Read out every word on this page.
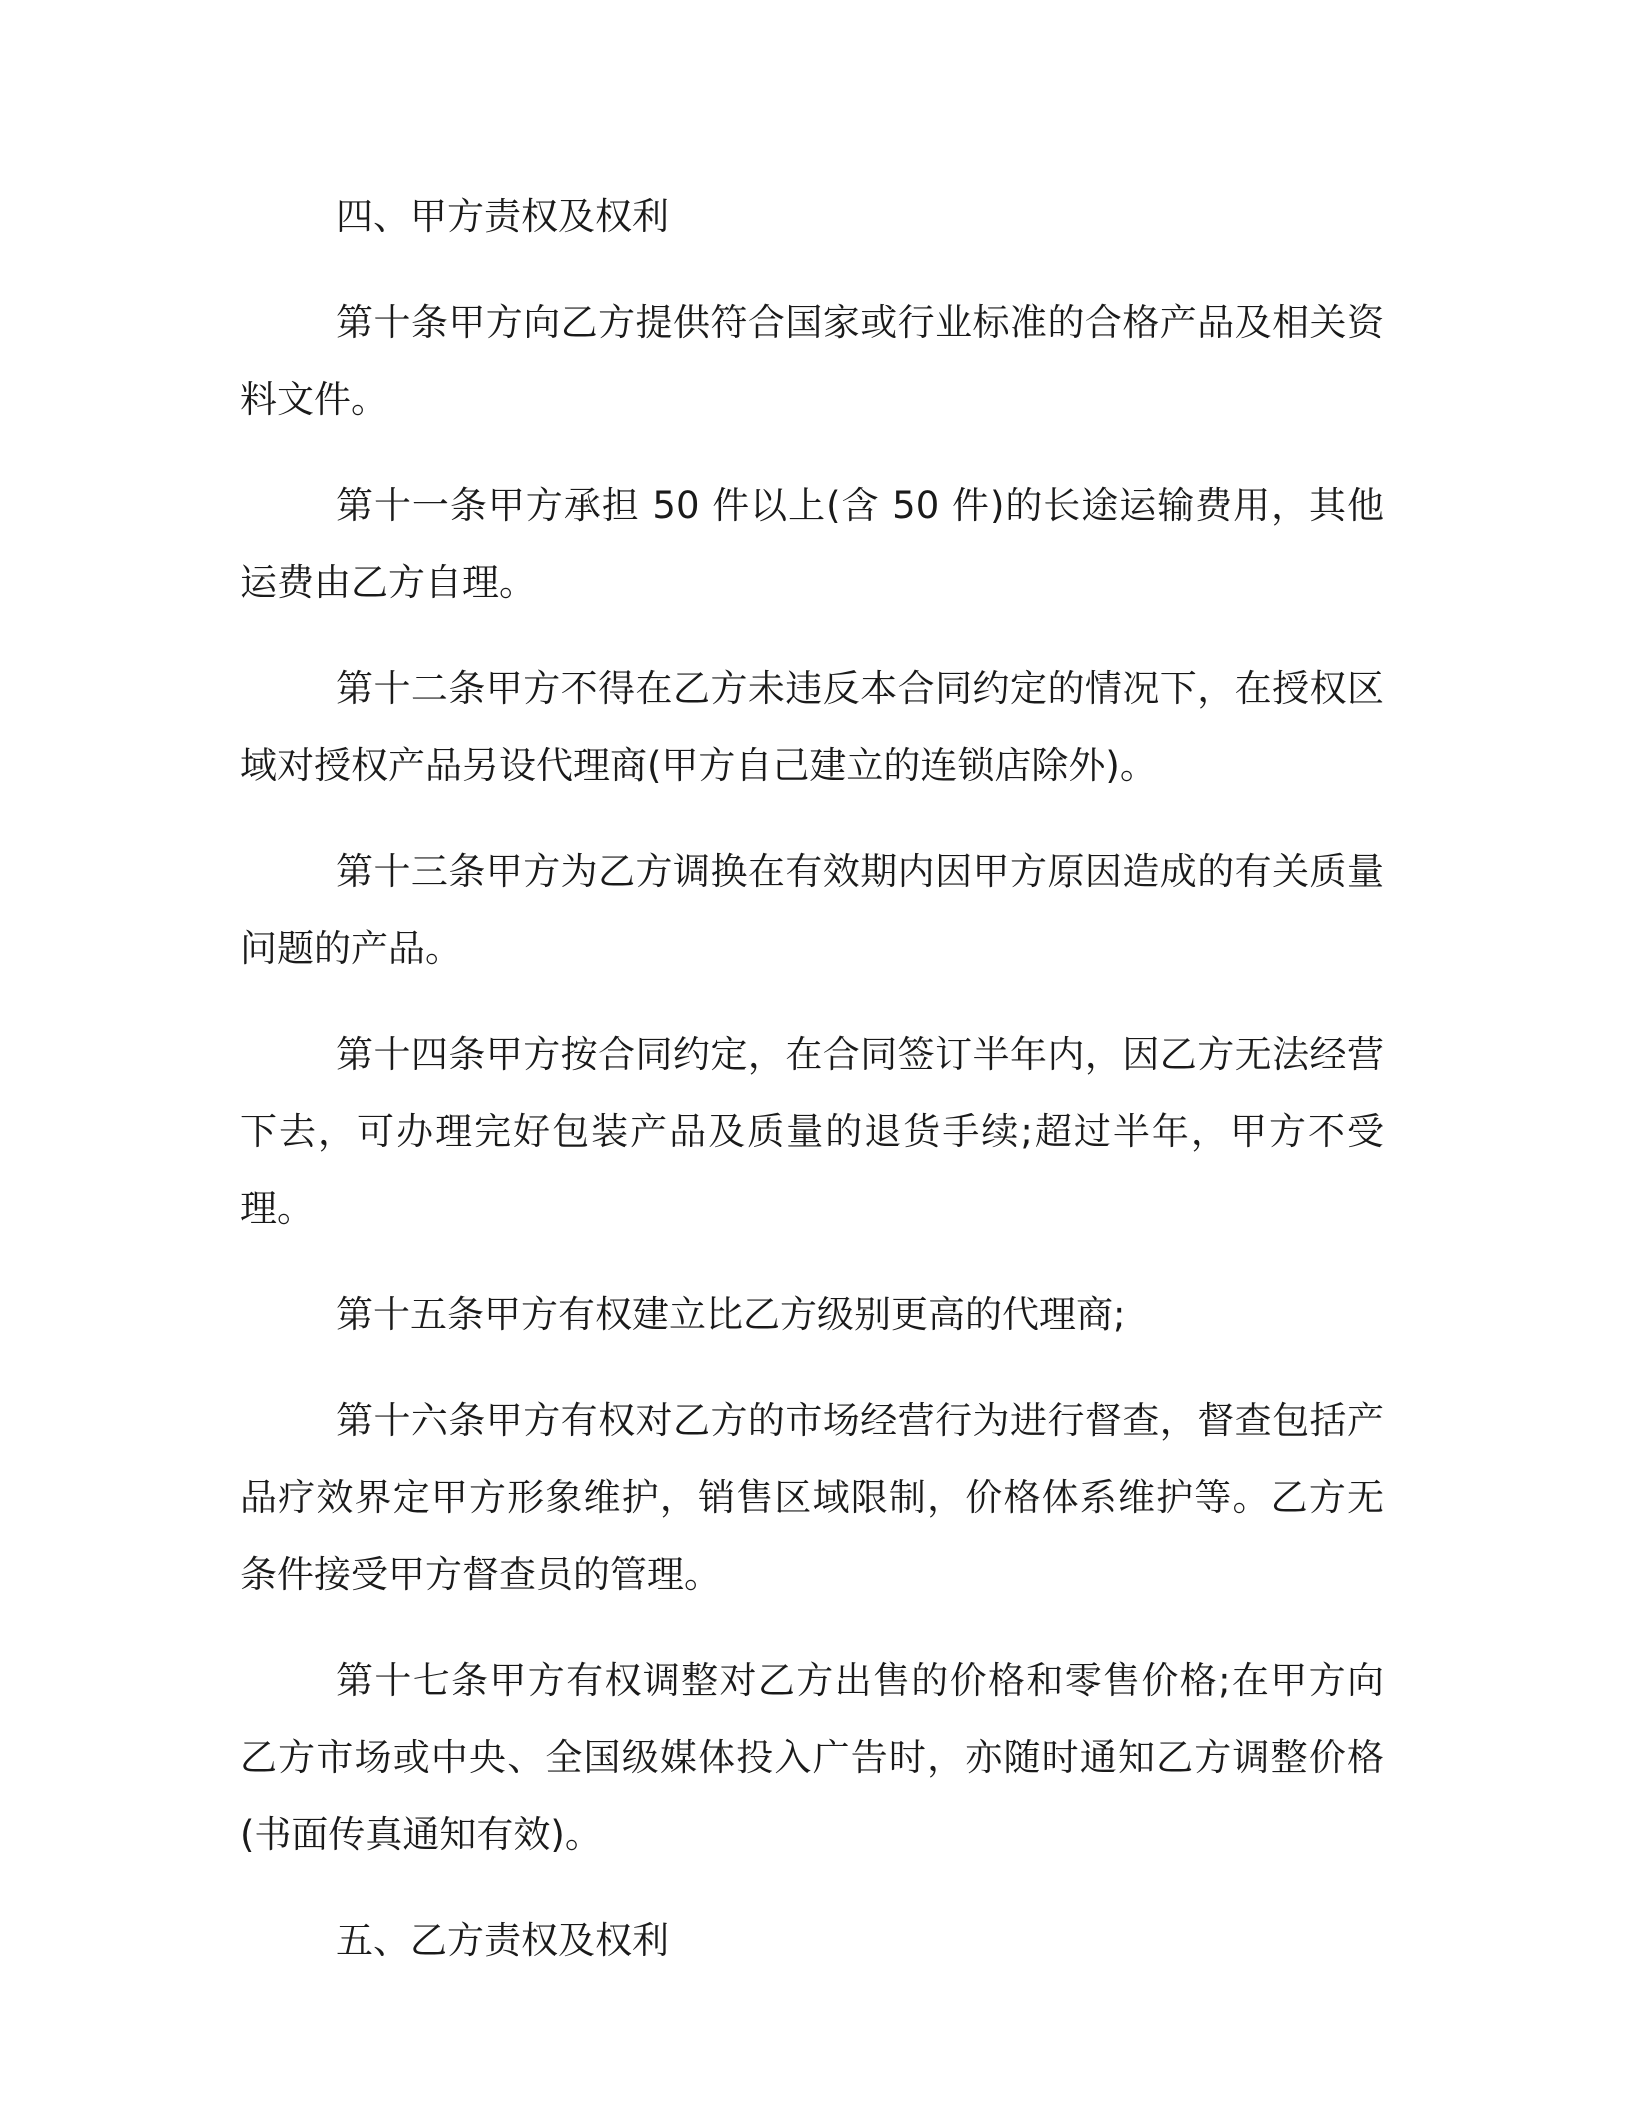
四、甲方责权及权利

第十条甲方向乙方提供符合国家或行业标准的合格产品及相关资料文件。

第十一条甲方承担 50 件以上(含 50 件)的长途运输费用，其他运费由乙方自理。

第十二条甲方不得在乙方未违反本合同约定的情况下，在授权区域对授权产品另设代理商(甲方自己建立的连锁店除外)。

第十三条甲方为乙方调换在有效期内因甲方原因造成的有关质量问题的产品。

第十四条甲方按合同约定，在合同签订半年内，因乙方无法经营下去，可办理完好包装产品及质量的退货手续;超过半年，甲方不受理。

第十五条甲方有权建立比乙方级别更高的代理商;

第十六条甲方有权对乙方的市场经营行为进行督查，督查包括产品疗效界定甲方形象维护，销售区域限制，价格体系维护等。乙方无条件接受甲方督查员的管理。

第十七条甲方有权调整对乙方出售的价格和零售价格;在甲方向乙方市场或中央、全国级媒体投入广告时，亦随时通知乙方调整价格(书面传真通知有效)。

五、乙方责权及权利
